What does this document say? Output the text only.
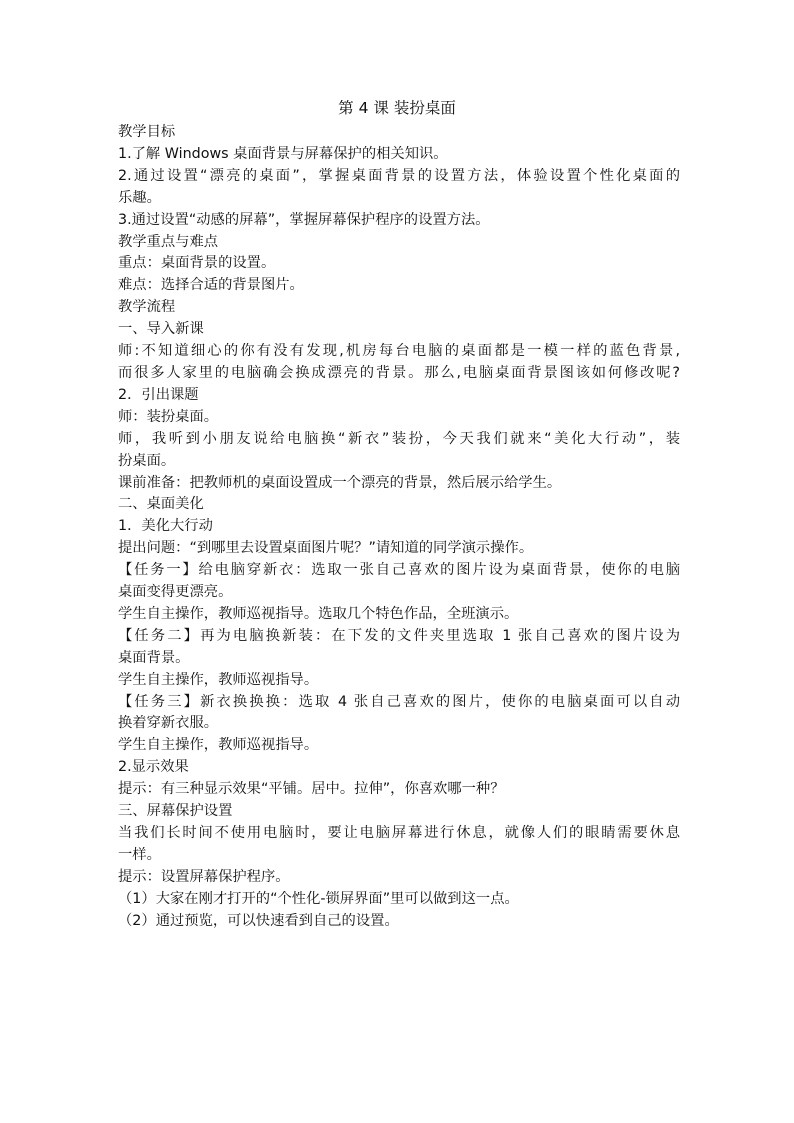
第 4 课 装扮桌面
教学目标
1.了解 Windows 桌面背景与屏幕保护的相关知识。
2.通过设置“漂亮的桌面”，掌握桌面背景的设置方法，体验设置个性化桌面的
乐趣。
3.通过设置“动感的屏幕”，掌握屏幕保护程序的设置方法。
教学重点与难点
重点：桌面背景的设置。
难点：选择合适的背景图片。
教学流程
一、导入新课
师:不知道细心的你有没有发现,机房每台电脑的桌面都是一模一样的蓝色背景,
而很多人家里的电脑确会换成漂亮的背景。那么,电脑桌面背景图该如何修改呢?
2．引出课题
师：装扮桌面。
师，我听到小朋友说给电脑换“新衣”装扮，今天我们就来“美化大行动”，装
扮桌面。
课前准备：把教师机的桌面设置成一个漂亮的背景，然后展示给学生。
二、桌面美化
1．美化大行动
提出问题：“到哪里去设置桌面图片呢？”请知道的同学演示操作。
【任务一】给电脑穿新衣：选取一张自己喜欢的图片设为桌面背景，使你的电脑
桌面变得更漂亮。
学生自主操作，教师巡视指导。选取几个特色作品，全班演示。
【任务二】再为电脑换新装：在下发的文件夹里选取 1 张自己喜欢的图片设为
桌面背景。
学生自主操作，教师巡视指导。
【任务三】新衣换换换：选取 4 张自己喜欢的图片，使你的电脑桌面可以自动
换着穿新衣服。
学生自主操作，教师巡视指导。
2.显示效果
提示：有三种显示效果“平铺。居中。拉伸”，你喜欢哪一种？
三、屏幕保护设置
当我们长时间不使用电脑时，要让电脑屏幕进行休息，就像人们的眼睛需要休息
一样。
提示：设置屏幕保护程序。
（1）大家在刚才打开的“个性化-锁屏界面”里可以做到这一点。
（2）通过预览，可以快速看到自己的设置。
